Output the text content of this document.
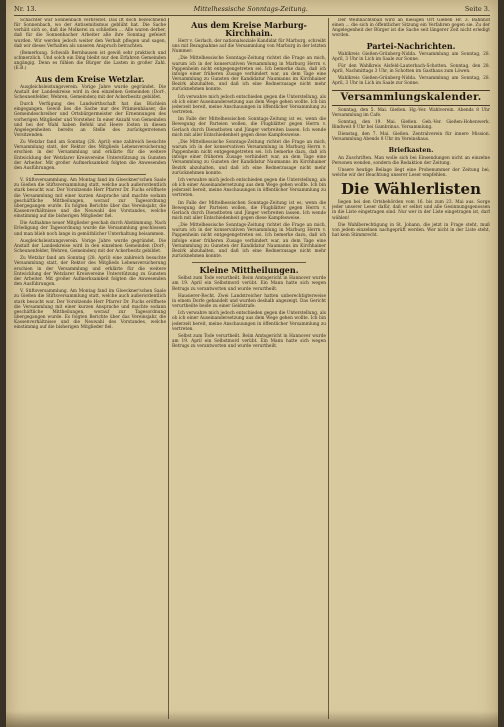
Nr. 13.	Mittelhessische Sonntags-Zeitung.	Seite 3.

Schächter war Sonnenbach verbreitet. Das ift doch bezeichnend für Sonnenbach, wo der Antisemitismus geblüht hat. Die Sache verhält sich so, daß die Molkerei zu schließen ... Alle waren derber, daß für die Sonnenbacher Arbeiter alle ihre Sonntag gefeiert wurden. Wir werden jedoch weiter den Verhalt pflegen und sagen, daß wir dieses Verhalten als unseren Anspruch betrachten.

(Bemerkung. Schwalb Bernhausen ist gewiß sehr praktisch und schmerzlich. Und solch ein Ding bleibt nur den Erfahren Gemeinden angängig. Denn es fühlen die Bürger die Lasten in großer Zahl. (E.B.)

Aus dem Kreise Wetzlar.

Ausgleichsleistungsverein. Vorige Jahre wurde gegründet. Die Anstalt der Landeskreise wird in den einzelnen Gemeinden (Dorf-, Scheunenfelder, Wehren, Gemeinden) mit der Ackerbesitz gebildet.

Durch Verfügung des Landwirthschaft hat das Büchlein eingegangen. Gewiß lies die Sache nur des Prämienhäuser, die Gemeindeschreiber und Ortsbürgermeister der Ernennungen des vorherigen Mitglieder und Vorsteher. In einer Anzahl von Gemeinden und bei der Wahl haben Befehl und Heere lösten in diesen Angelegenheiten bereits an Stelle des zurückgetretenen Vorsitzenden.

Zu Wetzlar fand am Sonntag (28. April) eine zahlreich besuchte Versammlung statt, der Rektor des Mitglieds Lebensversicherung erschien in der Versammlung und erklärte für die weitere Entwicklung der Wetzlarer Kreisvereine Unterstützung zu Gunsten der Arbeiter. Mit großer Aufmerksamkeit folgten die Anwesenden den Ausführungen.

V. Stiftsversammlung. Am Montag fand im Gloeckner'schen Saale zu Gießen die Stiftsversammlung statt, welche auch außerordentlich stark besucht war. Der Vorsitzende Herr Pfarrer Dr. Fuchs eröffnete die Versammlung mit einer kurzen Ansprache und machte sodann geschäftliche Mittheilungen, worauf zur Tagesordnung übergegangen wurde. Es folgten Berichte über das Vereinsjahr, die Kassenverhältnisse und die Neuwahl des Vorstandes, welche einstimmig auf die bisherigen Mitglieder fiel.

Die Aufnahme neuer Mitglieder geschah durch Abstimmung. Nach Erledigung der Tagesordnung wurde die Versammlung geschlossen und man blieb noch lange in gemüthlicher Unterhaltung beisammen.

Ausgleichsleistungsverein. Vorige Jahre wurde gegründet. Die Anstalt der Landeskreise wird in den einzelnen Gemeinden (Dorf-, Scheunenfelder, Wehren, Gemeinden) mit der Ackerbesitz gebildet.

Zu Wetzlar fand am Sonntag (28. April) eine zahlreich besuchte Versammlung statt, der Rektor des Mitglieds Lebensversicherung erschien in der Versammlung und erklärte für die weitere Entwicklung der Wetzlarer Kreisvereine Unterstützung zu Gunsten der Arbeiter. Mit großer Aufmerksamkeit folgten die Anwesenden den Ausführungen.

V. Stiftsversammlung. Am Montag fand im Gloeckner'schen Saale zu Gießen die Stiftsversammlung statt, welche auch außerordentlich stark besucht war. Der Vorsitzende Herr Pfarrer Dr. Fuchs eröffnete die Versammlung mit einer kurzen Ansprache und machte sodann geschäftliche Mittheilungen, worauf zur Tagesordnung übergegangen wurde. Es folgten Berichte über das Vereinsjahr, die Kassenverhältnisse und die Neuwahl des Vorstandes, welche einstimmig auf die bisherigen Mitglieder fiel.

Aus dem Kreise Marburg-Kirchhain.

Herr v. Gerlach, der nationalsoziale Kandidat für Marburg, schreibt uns mit Bezugnahme auf die Versammlung von Marburg in der letzten Nummer:

„Die Mittelhessische Sonntags-Zeitung richtet die Frage an mich, warum ich in der konservativen Versammlung in Marburg Herrn v. Pappenheim nicht entgegengetreten sei. Ich bemerke dazu, daß ich infolge einer früheren Zusage verhindert war, an dem Tage eine Versammlung zu Gunsten der Kandidatur Naumanns im Kirchhainer Bezirk abzuhalten, und daß ich eine Rednerzusage nicht mehr zurücknehmen konnte.

Ich verwahre mich jedoch entschieden gegen die Unterstellung, als ob ich einer Auseinandersetzung aus dem Wege gehen wollte. Ich bin jederzeit bereit, meine Anschauungen in öffentlicher Versammlung zu vertreten.

Im Falle der Mittelhessischen Sonntags-Zeitung ist es, wenn die Bewegung der Parteien wollen, die Flugblätter gegen Herrn v. Gerlach durch Dienstboten und Jünger verbreiten lassen. Ich wende mich mit aller Entschiedenheit gegen diese Kampfesweise.

„Die Mittelhessische Sonntags-Zeitung richtet die Frage an mich, warum ich in der konservativen Versammlung in Marburg Herrn v. Pappenheim nicht entgegengetreten sei. Ich bemerke dazu, daß ich infolge einer früheren Zusage verhindert war, an dem Tage eine Versammlung zu Gunsten der Kandidatur Naumanns im Kirchhainer Bezirk abzuhalten, und daß ich eine Rednerzusage nicht mehr zurücknehmen konnte.

Ich verwahre mich jedoch entschieden gegen die Unterstellung, als ob ich einer Auseinandersetzung aus dem Wege gehen wollte. Ich bin jederzeit bereit, meine Anschauungen in öffentlicher Versammlung zu vertreten.

Im Falle der Mittelhessischen Sonntags-Zeitung ist es, wenn die Bewegung der Parteien wollen, die Flugblätter gegen Herrn v. Gerlach durch Dienstboten und Jünger verbreiten lassen. Ich wende mich mit aller Entschiedenheit gegen diese Kampfesweise.

„Die Mittelhessische Sonntags-Zeitung richtet die Frage an mich, warum ich in der konservativen Versammlung in Marburg Herrn v. Pappenheim nicht entgegengetreten sei. Ich bemerke dazu, daß ich infolge einer früheren Zusage verhindert war, an dem Tage eine Versammlung zu Gunsten der Kandidatur Naumanns im Kirchhainer Bezirk abzuhalten, und daß ich eine Rednerzusage nicht mehr zurücknehmen konnte.

Kleine Mittheilungen.

Selbst zum Tode verurtheilt. Beim Amtsgericht in Hannover wurde am 19. April ein Selbstmord verübt. Ein Mann hatte sich wegen Betrugs zu verantworten und wurde verurtheilt.

Hausierer-Recht. Zwei Landstreicher hatten unberechtigterweise in einem Dorfe gehandelt und wurden deshalb angezeigt. Das Gericht verurtheilte beide zu einer Geldstrafe.

Ich verwahre mich jedoch entschieden gegen die Unterstellung, als ob ich einer Auseinandersetzung aus dem Wege gehen wollte. Ich bin jederzeit bereit, meine Anschauungen in öffentlicher Versammlung zu vertreten.

Selbst zum Tode verurtheilt. Beim Amtsgericht in Hannover wurde am 19. April ein Selbstmord verübt. Ein Mann hatte sich wegen Betrugs zu verantworten und wurde verurtheilt.

Der Weihnachtsball wird an hiesigen Ort Gießen Hr. 3. Bahnhof einen ... die sich in öffentlicher Sitzung ein Verfahren gegen sie. Zu der Angelegenheit der Bürger ist die Sache seit längerer Zeit nicht erledigt worden.

Partei-Nachrichten.

Wahlkreis Gießen-Grünberg-Nidda. Versammlung am Sonntag, 28. April, 3 Uhr in Lich im Saale zur Sonne.

Für den Wahlkreis Alsfeld-Lauterbach-Schotten. Sonntag, den 28. April, Nachmittags 3 Uhr, in Schotten im Gasthaus zum Löwen.

Wahlkreis Gießen-Grünberg-Nidda. Versammlung am Sonntag, 28. April, 3 Uhr in Lich im Saale zur Sonne.

Versammlungskalender.

Sonntag, den 5. Mai. Gießen. Hg.-Ver. Wahlverein. Abends 8 Uhr Versammlung im Cafe.

Sonntag, den 19. Mai. Gießen. Geb.-Ver. Gießen-Hohenwerk. Bindweit 8 Uhr bei Gambrinus. Versammlung.

Dienstag, den 7. Mai. Gießen. Zentralverein für innere Mission. Versammlung Abends 8 Uhr im Vereinshaus.

Briefkasten.

An Zuschriften. Man wolle sich bei Einsendungen nicht an einzelne Personen wenden, sondern die Redaktion der Zeitung.

Unsere heutige Beilage liegt eine Probenummer der Zeitung bei, welche wir der Beachtung unserer Leser empfehlen.

Die Wählerlisten

liegen bei den Ortsbehörden vom 16. bis zum 23. Mai aus. Sorge jeder unserer Leser dafür, daß er selbst und alle Gesinnungsgenossen in die Liste eingetragen sind. Nur wer in der Liste eingetragen ist, darf wählen!

Die Wahlberechtigung in St. Johann, die jetzt in Frage steht, muß von jedem einzelnen nachgeprüft werden. Wer nicht in der Liste steht, hat kein Stimmrecht.
